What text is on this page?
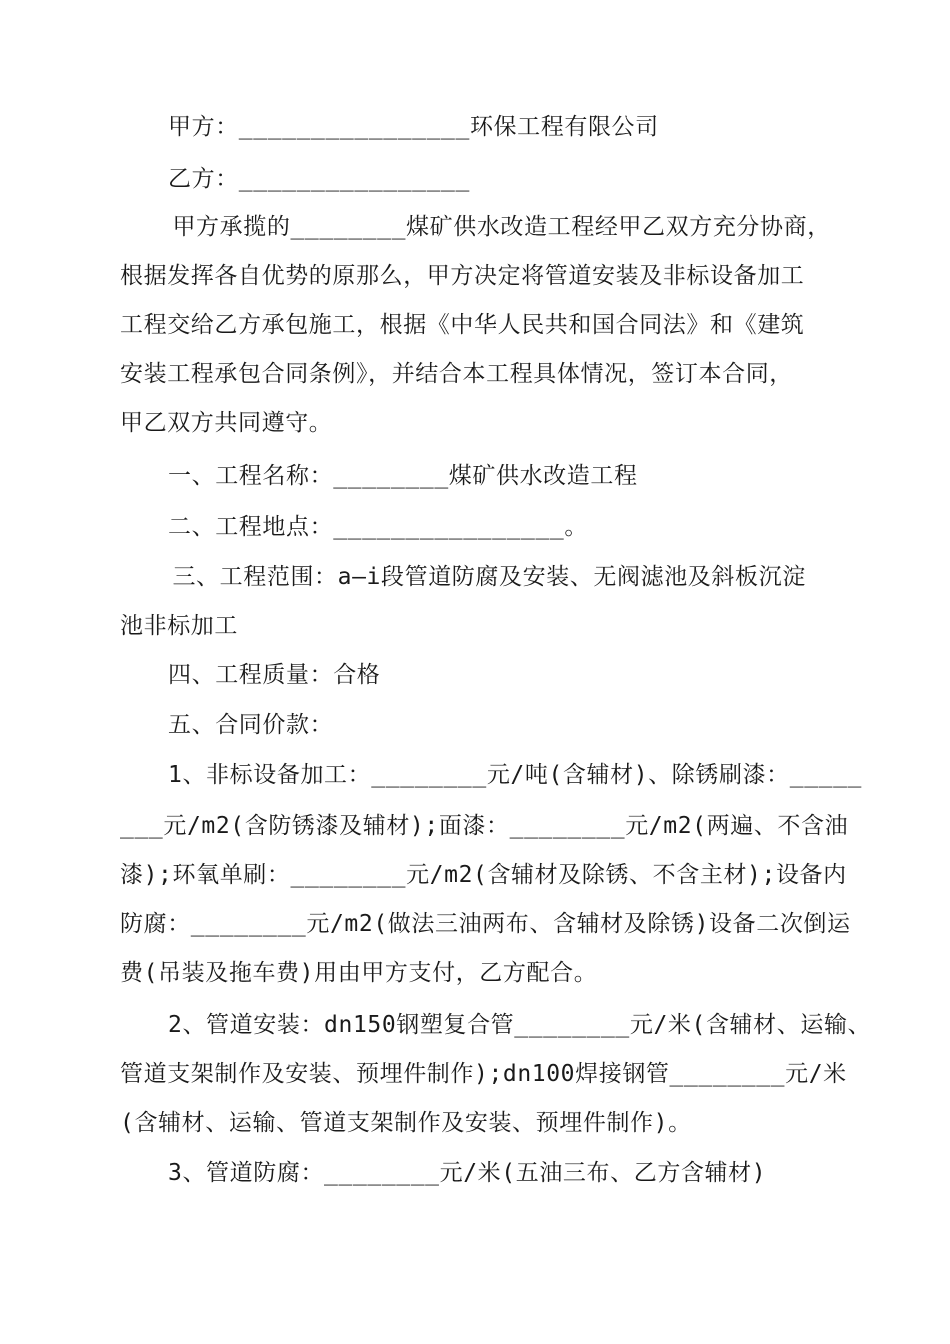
甲方：________________环保工程有限公司
乙方：________________
甲方承揽的________煤矿供水改造工程经甲乙双方充分协商，
根据发挥各自优势的原那么，甲方决定将管道安装及非标设备加工
工程交给乙方承包施工，根据《中华人民共和国合同法》和《建筑
安装工程承包合同条例》，并结合本工程具体情况，签订本合同，
甲乙双方共同遵守。
一、工程名称：________煤矿供水改造工程
二、工程地点：________________。
三、工程范围：a—i段管道防腐及安装、无阀滤池及斜板沉淀
池非标加工
四、工程质量：合格
五、合同价款：
1、非标设备加工：________元/吨(含辅材)、除锈刷漆：_____
___元/m2(含防锈漆及辅材);面漆：________元/m2(两遍、不含油
漆);环氧单刷：________元/m2(含辅材及除锈、不含主材);设备内
防腐：________元/m2(做法三油两布、含辅材及除锈)设备二次倒运
费(吊装及拖车费)用由甲方支付，乙方配合。
2、管道安装：dn150钢塑复合管________元/米(含辅材、运输、
管道支架制作及安装、预埋件制作);dn100焊接钢管________元/米
(含辅材、运输、管道支架制作及安装、预埋件制作)。
3、管道防腐：________元/米(五油三布、乙方含辅材)
